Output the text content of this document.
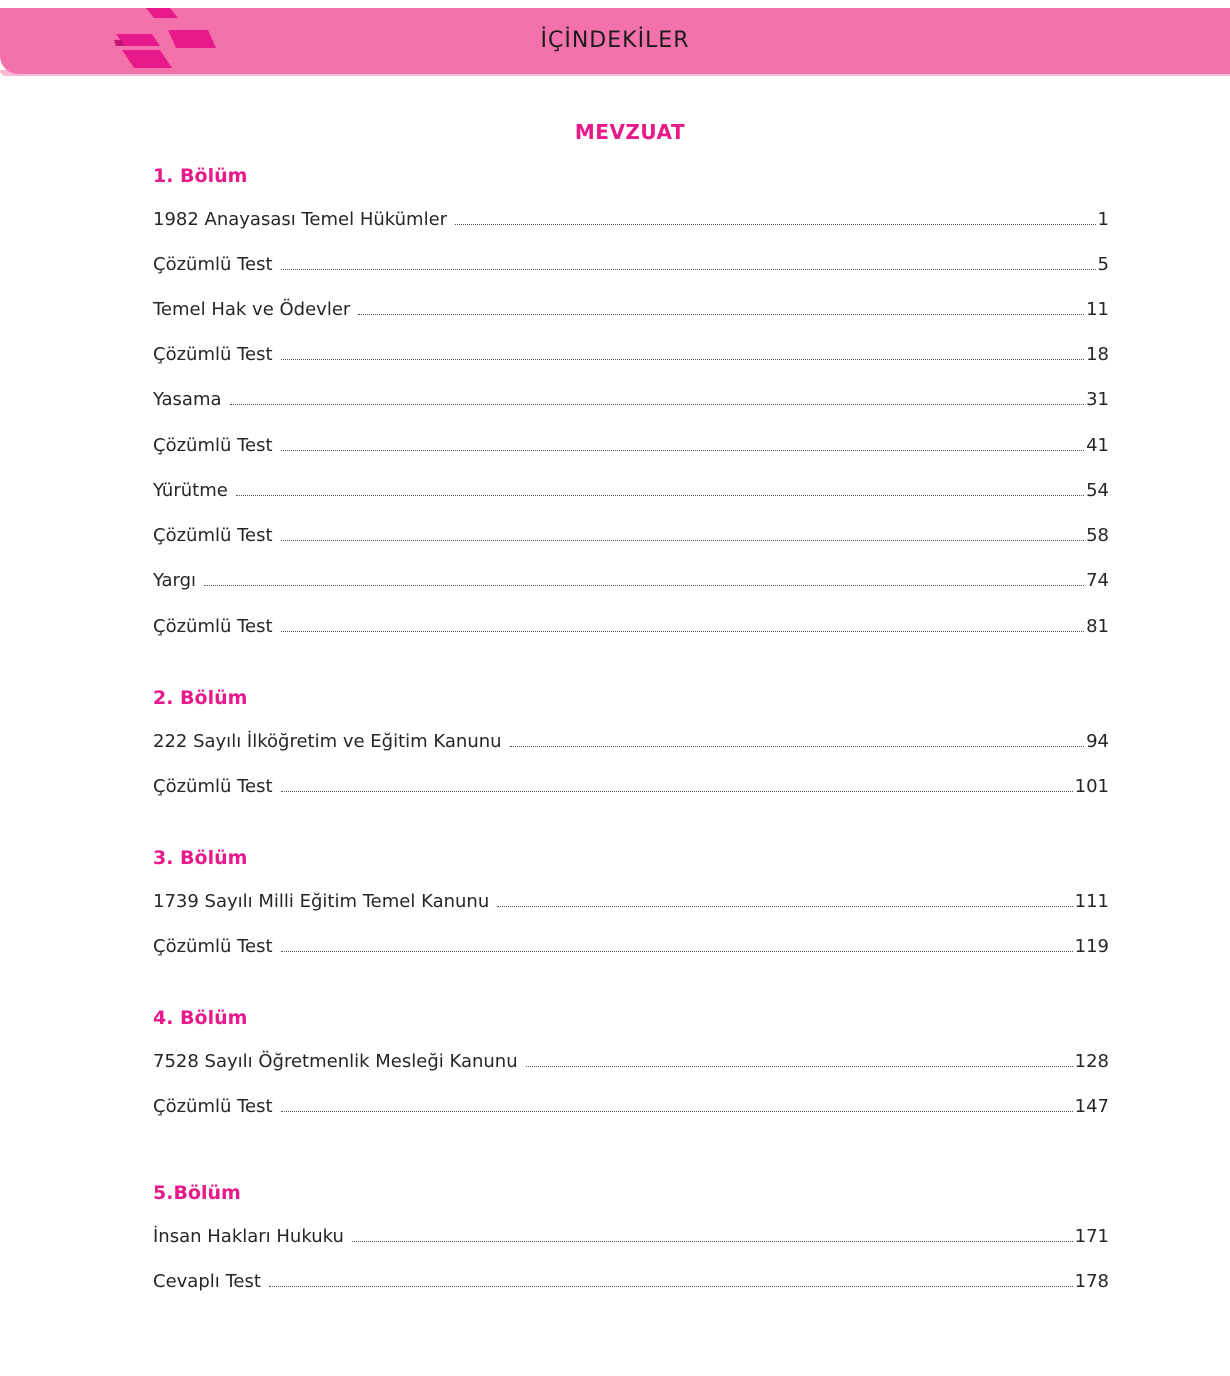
İÇİNDEKİLER
MEVZUAT
1. Bölüm
1982 Anayasası Temel Hükümler	1
Çözümlü Test	5
Temel Hak ve Ödevler	11
Çözümlü Test	18
Yasama	31
Çözümlü Test	41
Yürütme	54
Çözümlü Test	58
Yargı	74
Çözümlü Test	81
2. Bölüm
222 Sayılı İlköğretim ve Eğitim Kanunu	94
Çözümlü Test	101
3. Bölüm
1739 Sayılı Milli Eğitim Temel Kanunu	111
Çözümlü Test	119
4. Bölüm
7528 Sayılı Öğretmenlik Mesleği Kanunu	128
Çözümlü Test	147
5.Bölüm
İnsan Hakları Hukuku	171
Cevaplı Test	178
